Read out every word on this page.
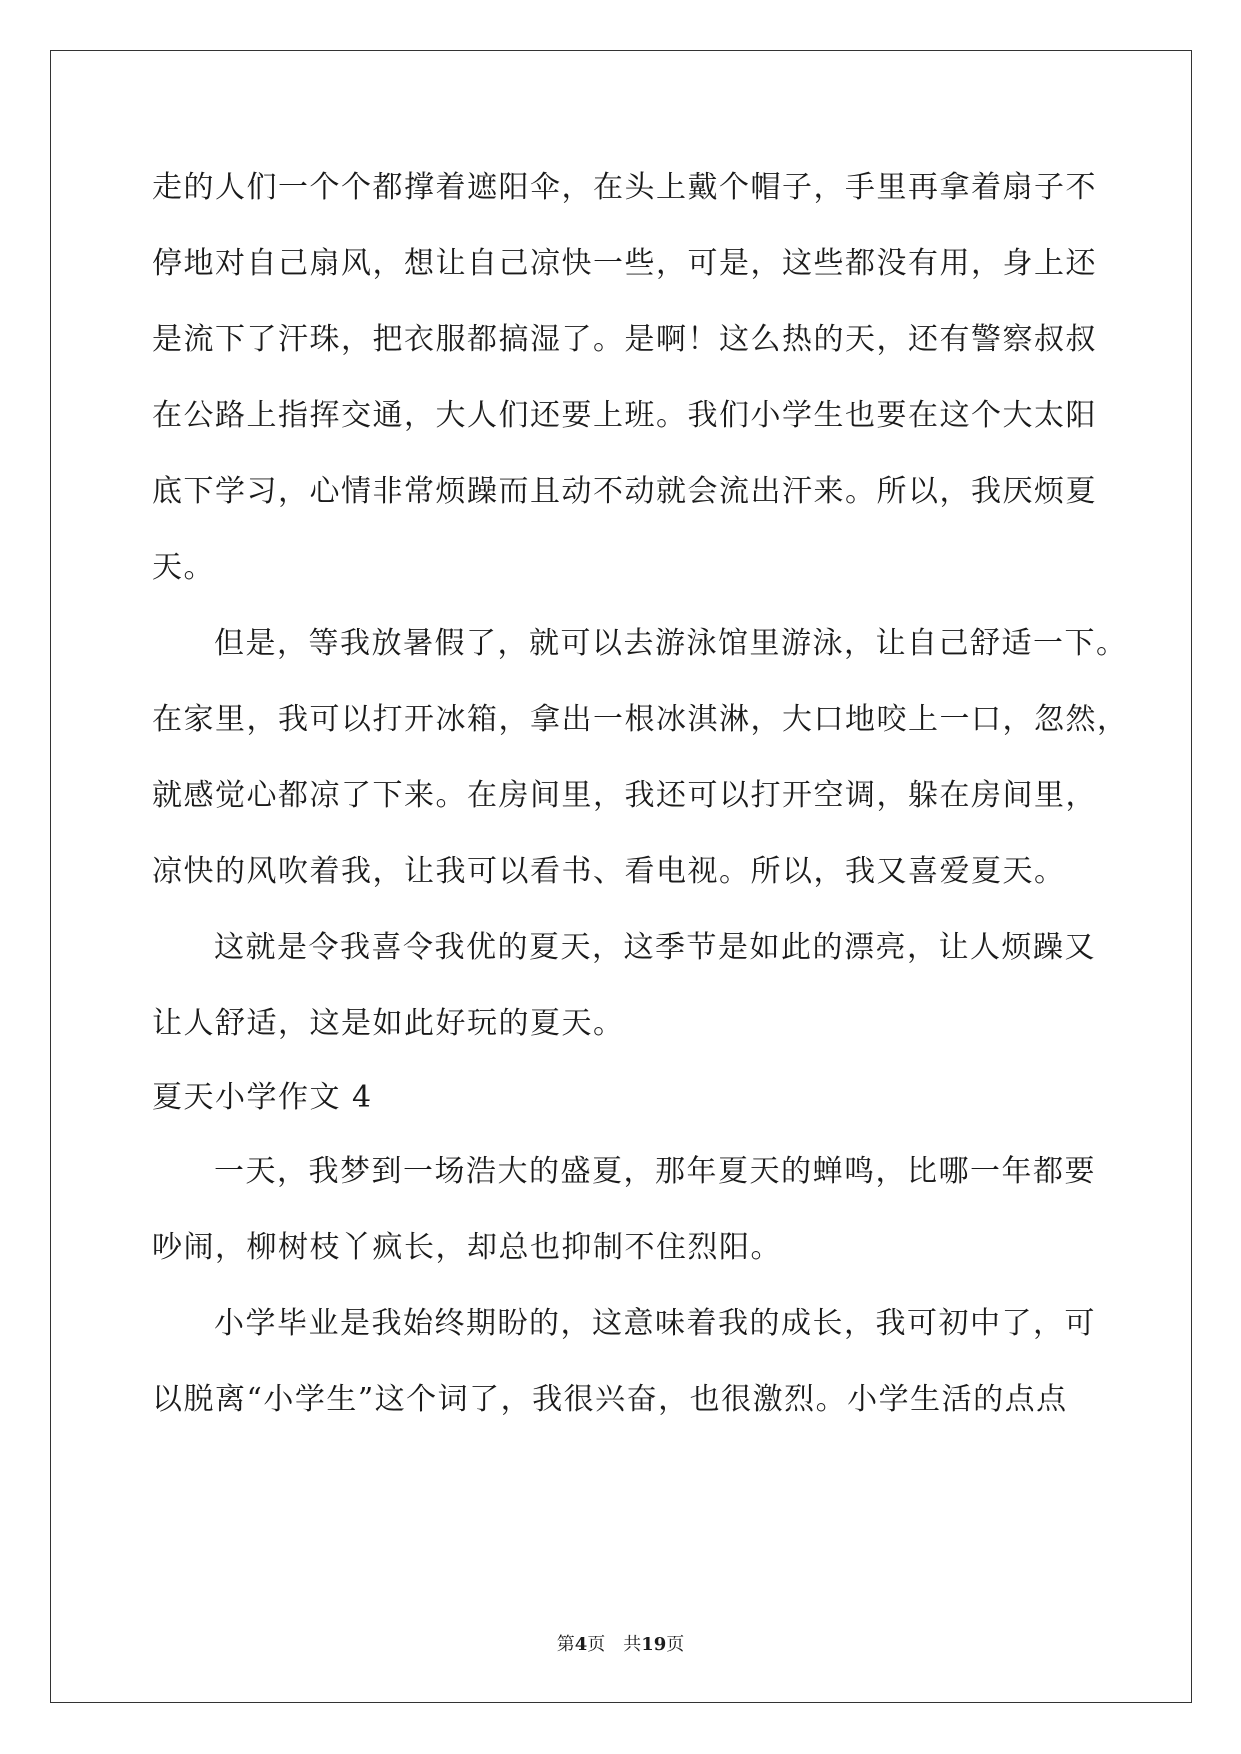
走的人们一个个都撑着遮阳伞，在头上戴个帽子，手里再拿着扇子不
停地对自己扇风，想让自己凉快一些，可是，这些都没有用，身上还
是流下了汗珠，把衣服都搞湿了。是啊！这么热的天，还有警察叔叔
在公路上指挥交通，大人们还要上班。我们小学生也要在这个大太阳
底下学习，心情非常烦躁而且动不动就会流出汗来。所以，我厌烦夏
天。
但是，等我放暑假了，就可以去游泳馆里游泳，让自己舒适一下。
在家里，我可以打开冰箱，拿出一根冰淇淋，大口地咬上一口，忽然，
就感觉心都凉了下来。在房间里，我还可以打开空调，躲在房间里，
凉快的风吹着我，让我可以看书、看电视。所以，我又喜爱夏天。
这就是令我喜令我优的夏天，这季节是如此的漂亮，让人烦躁又
让人舒适，这是如此好玩的夏天。
夏天小学作文 4
一天，我梦到一场浩大的盛夏，那年夏天的蝉鸣，比哪一年都要
吵闹，柳树枝丫疯长，却总也抑制不住烈阳。
小学毕业是我始终期盼的，这意味着我的成长，我可初中了，可
以脱离“小学生”这个词了，我很兴奋，也很激烈。小学生活的点点
第4页　共19页
